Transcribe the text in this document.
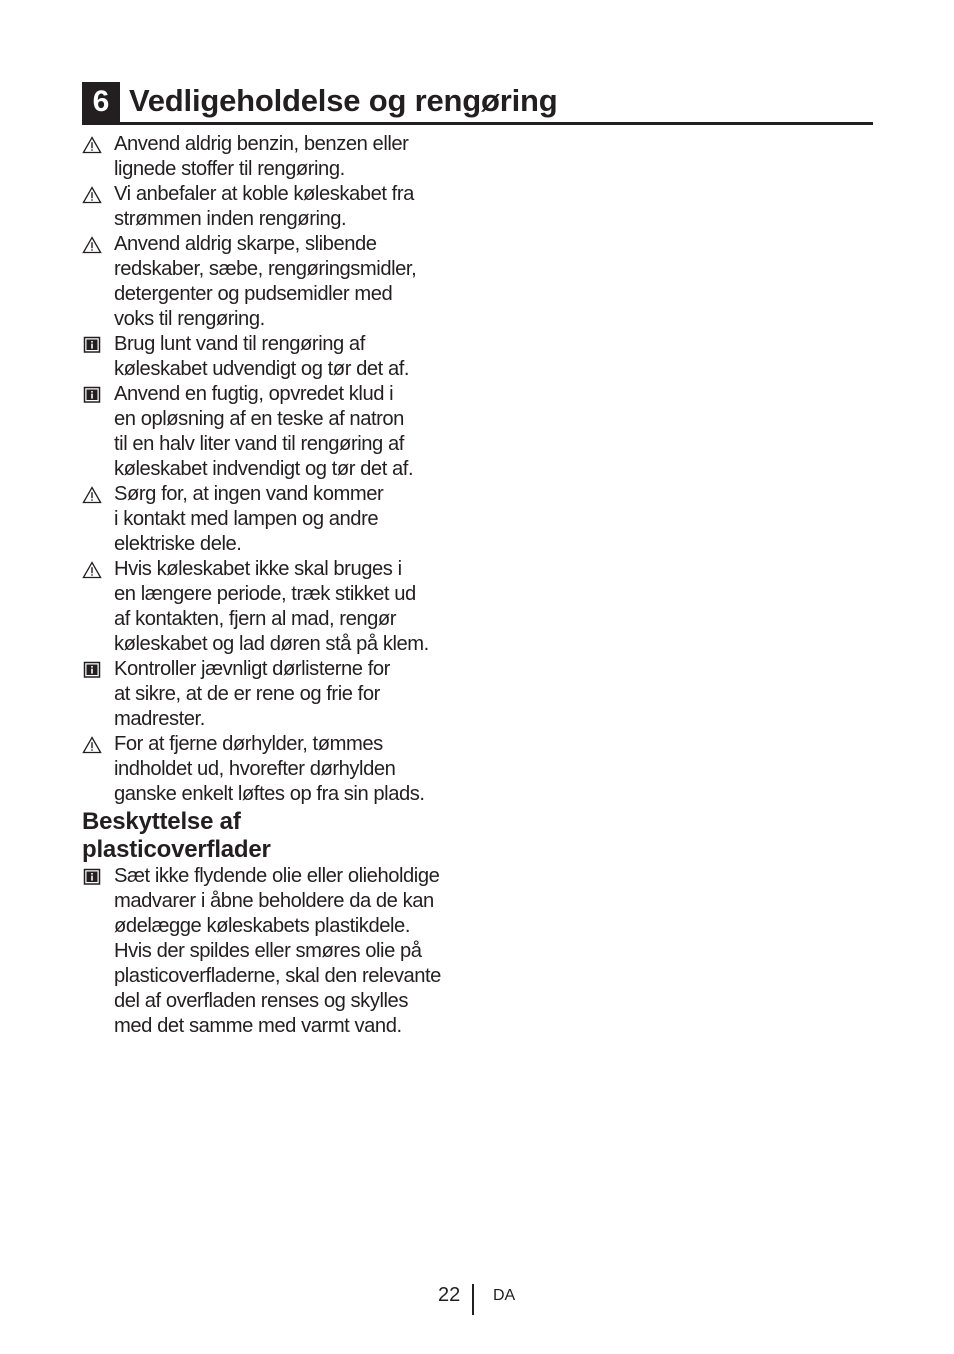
6 Vedligeholdelse og rengøring
Anvend aldrig benzin, benzen eller
lignede stoffer til rengøring.
Vi anbefaler at koble køleskabet fra
strømmen inden rengøring.
Anvend aldrig skarpe, slibende
redskaber, sæbe, rengøringsmidler,
detergenter og pudsemidler med
voks til rengøring.
Brug lunt vand til rengøring af
køleskabet udvendigt og tør det af.
Anvend en fugtig, opvredet klud i
en opløsning af en teske af natron
til en halv liter vand til rengøring af
køleskabet indvendigt og tør det af.
Sørg for, at ingen vand kommer
i kontakt med lampen og andre
elektriske dele.
Hvis køleskabet ikke skal bruges i
en længere periode, træk stikket ud
af kontakten, fjern al mad, rengør
køleskabet og lad døren stå på klem.
Kontroller jævnligt dørlisterne for
at sikre, at de er rene og frie for
madrester.
For at fjerne dørhylder, tømmes
indholdet ud, hvorefter dørhylden
ganske enkelt løftes op fra sin plads.
Beskyttelse af
plasticoverflader
Sæt ikke flydende olie eller olieholdige
madvarer i åbne beholdere da de kan
ødelægge køleskabets plastikdele.
Hvis der spildes eller smøres olie på
plasticoverfladerne, skal den relevante
del af overfladen renses og skylles
med det samme med varmt vand.
22 DA
